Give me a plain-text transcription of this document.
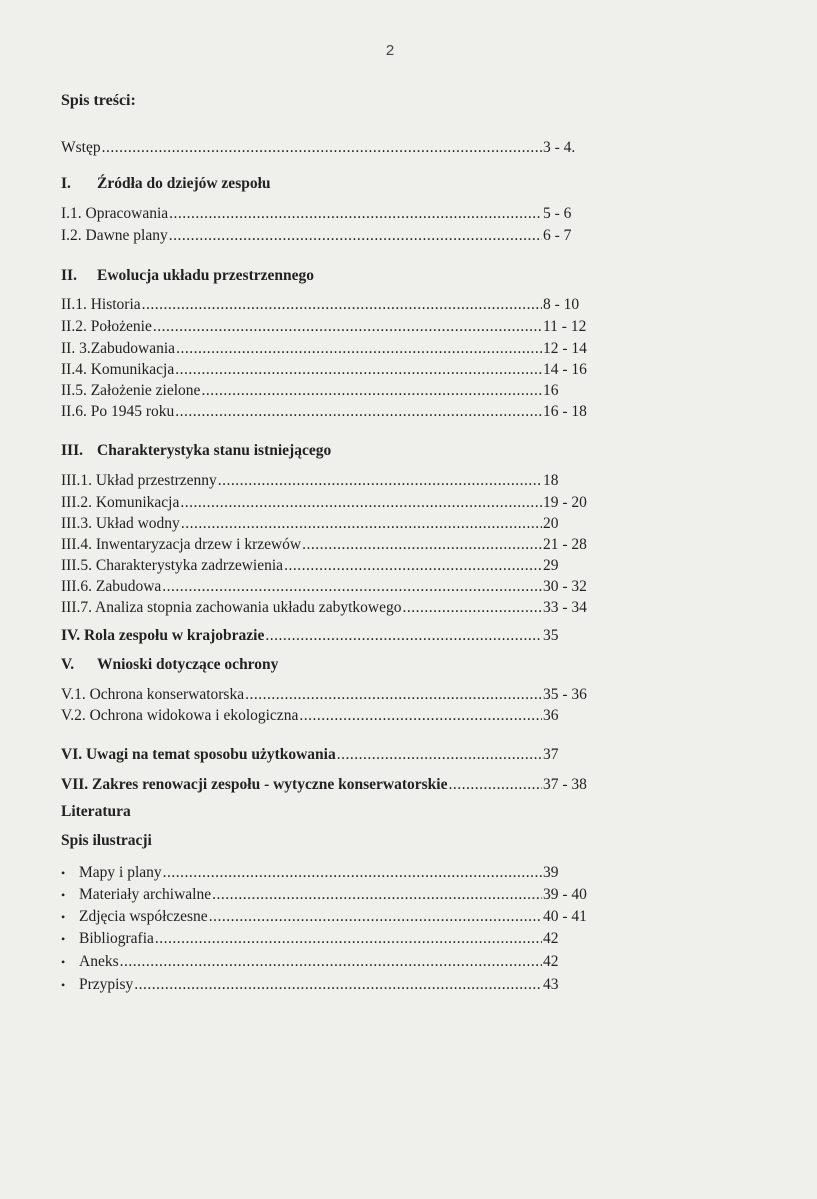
2
Spis treści:
Wstęp .....	3 - 4.
I. Źródła do dziejów zespołu
I.1. Opracowania .....	5 - 6
I.2. Dawne plany .....	6 - 7
II. Ewolucja układu przestrzennego
II.1. Historia .....	8 - 10
II.2. Położenie .....	11 - 12
II. 3.Zabudowania .....	12 - 14
II.4. Komunikacja .....	14 - 16
II.5. Założenie zielone .....	16
II.6. Po 1945 roku .....	16 - 18
III. Charakterystyka stanu istniejącego
III.1. Układ przestrzenny .....	18
III.2. Komunikacja .....	19 - 20
III.3. Układ wodny .....	20
III.4. Inwentaryzacja drzew i krzewów .....	21 - 28
III.5. Charakterystyka zadrzewienia .....	29
III.6. Zabudowa .....	30 - 32
III.7. Analiza stopnia zachowania układu zabytkowego .....	33 - 34
IV. Rola zespołu w krajobrazie .....	35
V. Wnioski dotyczące ochrony
V.1. Ochrona konserwatorska .....	35 - 36
V.2. Ochrona widokowa i ekologiczna .....	36
VI. Uwagi na temat sposobu użytkowania .....	37
VII. Zakres renowacji zespołu - wytyczne konserwatorskie .....	37 - 38
Literatura
Spis ilustracji
• Mapy i plany .....	39
• Materiały archiwalne .....	39 - 40
• Zdjęcia współczesne .....	40 - 41
• Bibliografia .....	42
• Aneks .....	42
• Przypisy .....	43
